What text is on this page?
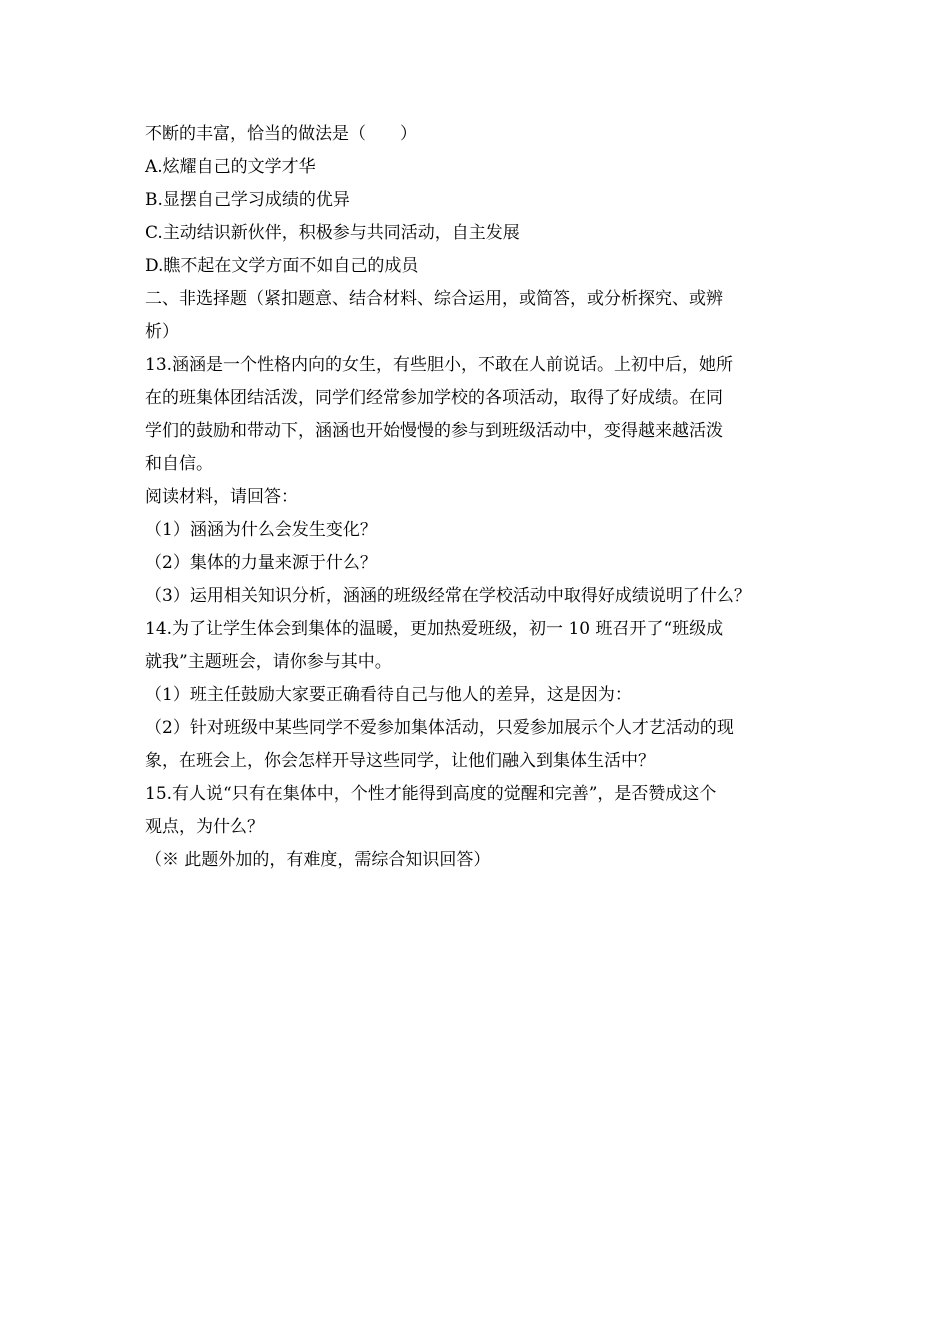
不断的丰富，恰当的做法是（　　）
A.炫耀自己的文学才华
B.显摆自己学习成绩的优异
C.主动结识新伙伴，积极参与共同活动，自主发展
D.瞧不起在文学方面不如自己的成员
二、非选择题（紧扣题意、结合材料、综合运用，或简答，或分析探究、或辨
析）
13.涵涵是一个性格内向的女生，有些胆小，不敢在人前说话。上初中后，她所
在的班集体团结活泼，同学们经常参加学校的各项活动，取得了好成绩。在同
学们的鼓励和带动下，涵涵也开始慢慢的参与到班级活动中，变得越来越活泼
和自信。
阅读材料，请回答：
（1）涵涵为什么会发生变化？
（2）集体的力量来源于什么？
（3）运用相关知识分析，涵涵的班级经常在学校活动中取得好成绩说明了什么？
14.为了让学生体会到集体的温暖，更加热爱班级，初一 10 班召开了“班级成
就我”主题班会，请你参与其中。
（1）班主任鼓励大家要正确看待自己与他人的差异，这是因为：
（2）针对班级中某些同学不爱参加集体活动，只爱参加展示个人才艺活动的现
象，在班会上，你会怎样开导这些同学，让他们融入到集体生活中？
15.有人说“只有在集体中，个性才能得到高度的觉醒和完善”，是否赞成这个
观点，为什么？
（※ 此题外加的，有难度，需综合知识回答）
